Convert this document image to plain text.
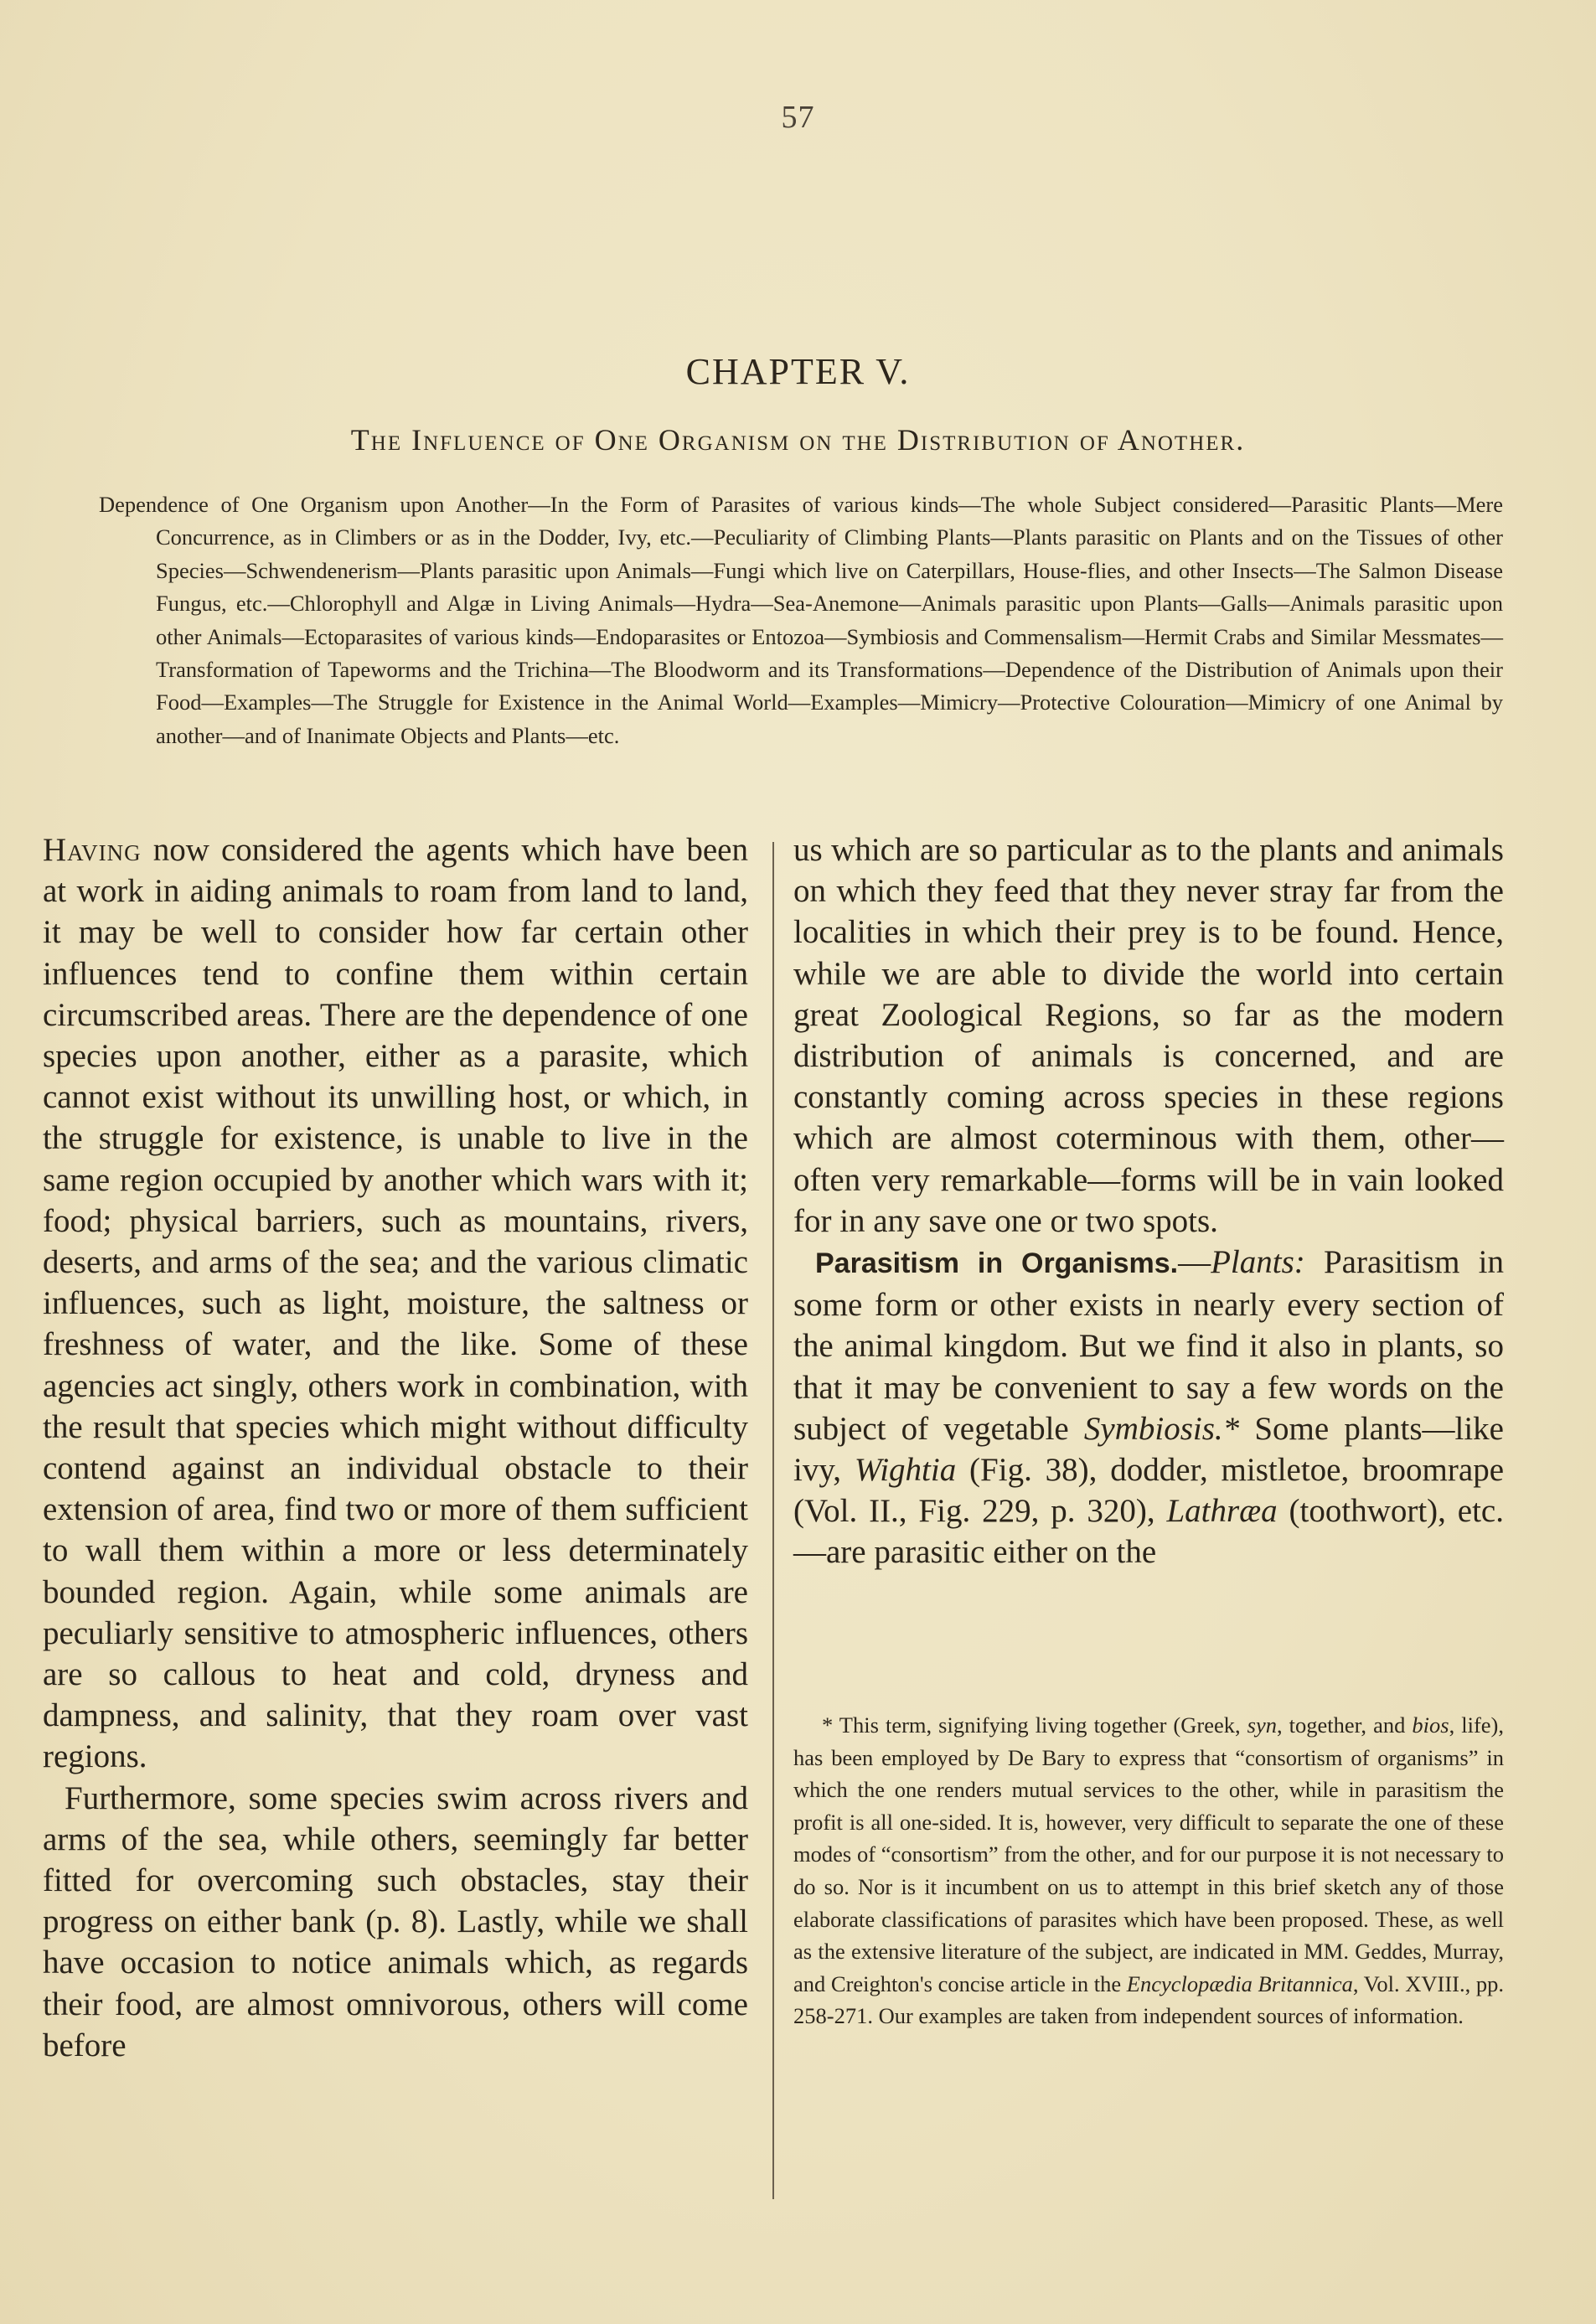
57
CHAPTER V.
The Influence of One Organism on the Distribution of Another.
Dependence of One Organism upon Another—In the Form of Parasites of various kinds—The whole Subject considered—Parasitic Plants—Mere Concurrence, as in Climbers or as in the Dodder, Ivy, etc.—Peculiarity of Climbing Plants—Plants parasitic on Plants and on the Tissues of other Species—Schwendenerism—Plants parasitic upon Animals—Fungi which live on Caterpillars, House-flies, and other Insects—The Salmon Disease Fungus, etc.—Chlorophyll and Algæ in Living Animals—Hydra—Sea-Anemone—Animals parasitic upon Plants—Galls—Animals parasitic upon other Animals—Ectoparasites of various kinds—Endoparasites or Entozoa—Symbiosis and Commensalism—Hermit Crabs and Similar Messmates—Transformation of Tapeworms and the Trichina—The Bloodworm and its Transformations—Dependence of the Distribution of Animals upon their Food—Examples—The Struggle for Existence in the Animal World—Examples—Mimicry—Protective Colouration—Mimicry of one Animal by another—and of Inanimate Objects and Plants—etc.

Having now considered the agents which have been at work in aiding animals to roam from land to land, it may be well to consider how far certain other influences tend to confine them within certain circumscribed areas. There are the dependence of one species upon another, either as a parasite, which cannot exist without its unwilling host, or which, in the struggle for existence, is unable to live in the same region occupied by another which wars with it; food; physical barriers, such as mountains, rivers, deserts, and arms of the sea; and the various climatic influences, such as light, moisture, the saltness or freshness of water, and the like. Some of these agencies act singly, others work in combination, with the result that species which might without difficulty contend against an individual obstacle to their extension of area, find two or more of them sufficient to wall them within a more or less determinately bounded region. Again, while some animals are peculiarly sensitive to atmospheric influences, others are so callous to heat and cold, dryness and dampness, and salinity, that they roam over vast regions.

Furthermore, some species swim across rivers and arms of the sea, while others, seemingly far better fitted for overcoming such obstacles, stay their progress on either bank (p. 8). Lastly, while we shall have occasion to notice animals which, as regards their food, are almost omnivorous, others will come before

us which are so particular as to the plants and animals on which they feed that they never stray far from the localities in which their prey is to be found. Hence, while we are able to divide the world into certain great Zoological Regions, so far as the modern distribution of animals is concerned, and are constantly coming across species in these regions which are almost coterminous with them, other—often very remarkable—forms will be in vain looked for in any save one or two spots.

Parasitism in Organisms.—Plants: Parasitism in some form or other exists in nearly every section of the animal kingdom. But we find it also in plants, so that it may be convenient to say a few words on the subject of vegetable Symbiosis.* Some plants—like ivy, Wightia (Fig. 38), dodder, mistletoe, broomrape (Vol. II., Fig. 229, p. 320), Lathræa (toothwort), etc.—are parasitic either on the

* This term, signifying living together (Greek, syn, together, and bios, life), has been employed by De Bary to express that “consortism of organisms” in which the one renders mutual services to the other, while in parasitism the profit is all one-sided. It is, however, very difficult to separate the one of these modes of “consortism” from the other, and for our purpose it is not necessary to do so. Nor is it incumbent on us to attempt in this brief sketch any of those elaborate classifications of parasites which have been proposed. These, as well as the extensive literature of the subject, are indicated in MM. Geddes, Murray, and Creighton's concise article in the Encyclopædia Britannica, Vol. XVIII., pp. 258-271. Our examples are taken from independent sources of information.
